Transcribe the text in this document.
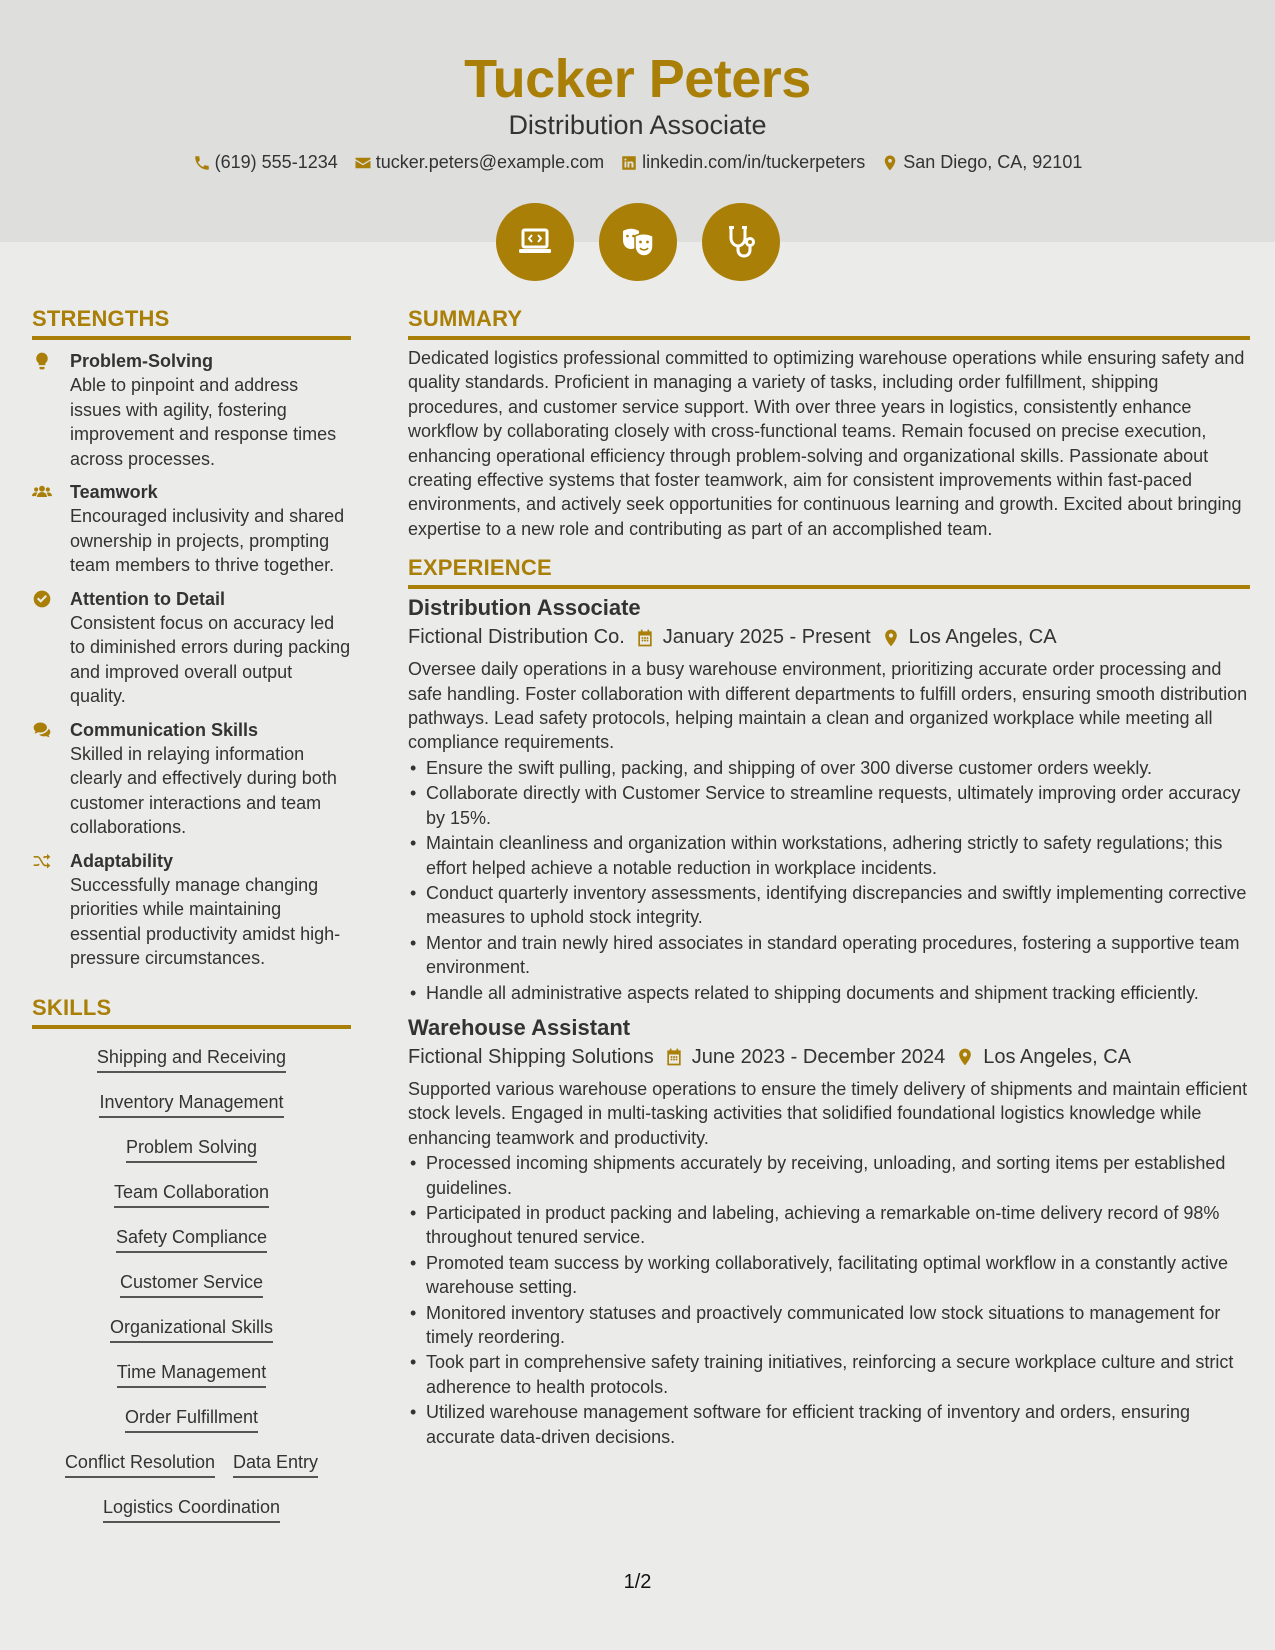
Tucker Peters
Distribution Associate
(619) 555-1234 tucker.peters@example.com linkedin.com/in/tuckerpeters San Diego, CA, 92101
STRENGTHS
Problem-Solving
Able to pinpoint and address issues with agility, fostering improvement and response times across processes.
Teamwork
Encouraged inclusivity and shared ownership in projects, prompting team members to thrive together.
Attention to Detail
Consistent focus on accuracy led to diminished errors during packing and improved overall output quality.
Communication Skills
Skilled in relaying information clearly and effectively during both customer interactions and team collaborations.
Adaptability
Successfully manage changing priorities while maintaining essential productivity amidst high-pressure circumstances.
SKILLS
Shipping and Receiving
Inventory Management
Problem Solving
Team Collaboration
Safety Compliance
Customer Service
Organizational Skills
Time Management
Order Fulfillment
Conflict Resolution Data Entry
Logistics Coordination
SUMMARY
Dedicated logistics professional committed to optimizing warehouse operations while ensuring safety and quality standards. Proficient in managing a variety of tasks, including order fulfillment, shipping procedures, and customer service support. With over three years in logistics, consistently enhance workflow by collaborating closely with cross-functional teams. Remain focused on precise execution, enhancing operational efficiency through problem-solving and organizational skills. Passionate about creating effective systems that foster teamwork, aim for consistent improvements within fast-paced environments, and actively seek opportunities for continuous learning and growth. Excited about bringing expertise to a new role and contributing as part of an accomplished team.
EXPERIENCE
Distribution Associate
Fictional Distribution Co. January 2025 - Present Los Angeles, CA
Oversee daily operations in a busy warehouse environment, prioritizing accurate order processing and safe handling. Foster collaboration with different departments to fulfill orders, ensuring smooth distribution pathways. Lead safety protocols, helping maintain a clean and organized workplace while meeting all compliance requirements.
• Ensure the swift pulling, packing, and shipping of over 300 diverse customer orders weekly.
• Collaborate directly with Customer Service to streamline requests, ultimately improving order accuracy by 15%.
• Maintain cleanliness and organization within workstations, adhering strictly to safety regulations; this effort helped achieve a notable reduction in workplace incidents.
• Conduct quarterly inventory assessments, identifying discrepancies and swiftly implementing corrective measures to uphold stock integrity.
• Mentor and train newly hired associates in standard operating procedures, fostering a supportive team environment.
• Handle all administrative aspects related to shipping documents and shipment tracking efficiently.
Warehouse Assistant
Fictional Shipping Solutions June 2023 - December 2024 Los Angeles, CA
Supported various warehouse operations to ensure the timely delivery of shipments and maintain efficient stock levels. Engaged in multi-tasking activities that solidified foundational logistics knowledge while enhancing teamwork and productivity.
• Processed incoming shipments accurately by receiving, unloading, and sorting items per established guidelines.
• Participated in product packing and labeling, achieving a remarkable on-time delivery record of 98% throughout tenured service.
• Promoted team success by working collaboratively, facilitating optimal workflow in a constantly active warehouse setting.
• Monitored inventory statuses and proactively communicated low stock situations to management for timely reordering.
• Took part in comprehensive safety training initiatives, reinforcing a secure workplace culture and strict adherence to health protocols.
• Utilized warehouse management software for efficient tracking of inventory and orders, ensuring accurate data-driven decisions.
1/2
